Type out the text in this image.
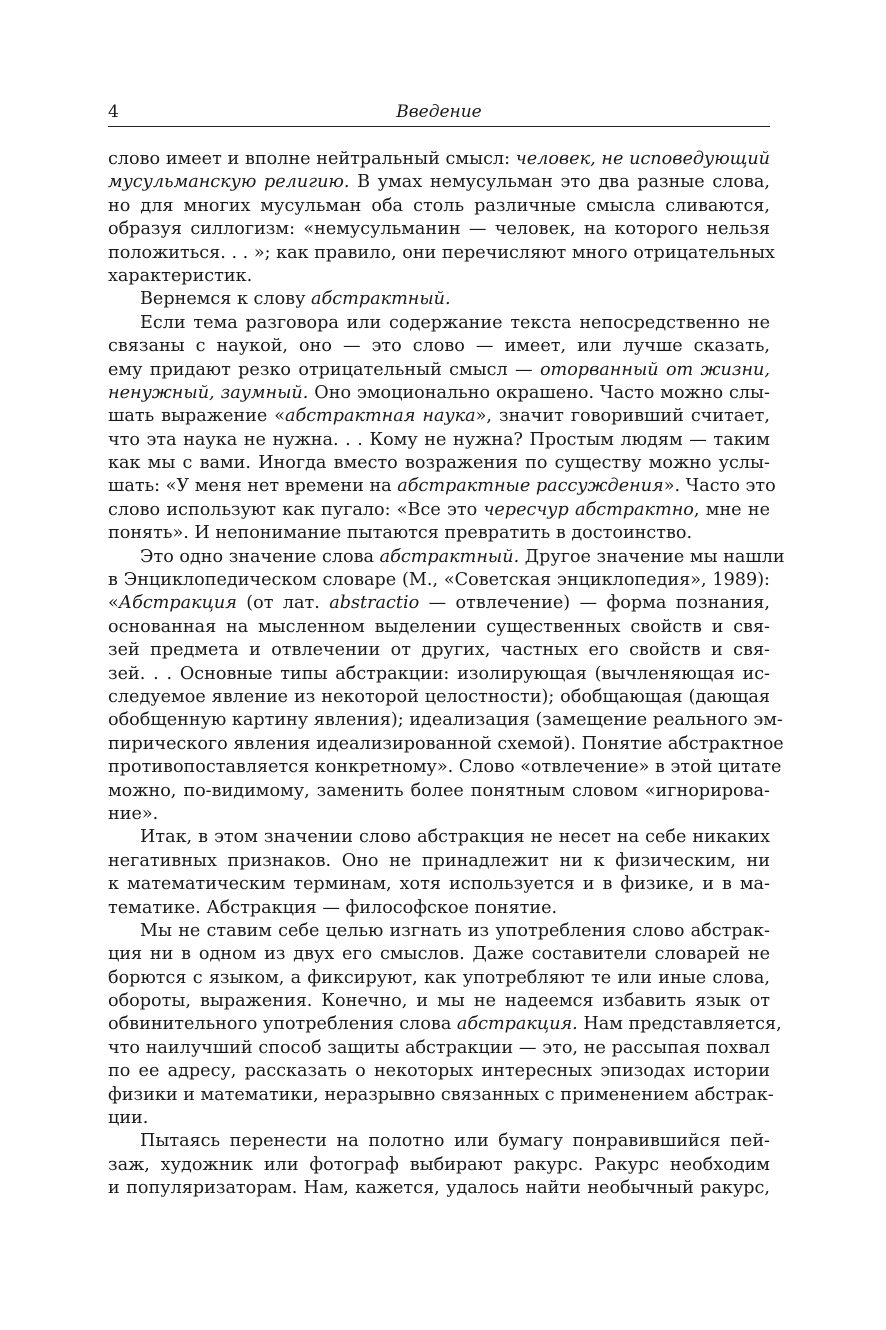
4	Введение
слово имеет и вполне нейтральный смысл: человек, не исповедующий
мусульманскую религию. В умах немусульман это два разные слова,
но для многих мусульман оба столь различные смысла сливаются,
образуя силлогизм: «немусульманин — человек, на которого нельзя
положиться. . . »; как правило, они перечисляют много отрицательных
характеристик.
Вернемся к слову абстрактный.
Если тема разговора или содержание текста непосредственно не
связаны с наукой, оно — это слово — имеет, или лучше сказать,
ему придают резко отрицательный смысл — оторванный от жизни,
ненужный, заумный. Оно эмоционально окрашено. Часто можно слы-
шать выражение «абстрактная наука», значит говоривший считает,
что эта наука не нужна. . . Кому не нужна? Простым людям — таким
как мы с вами. Иногда вместо возражения по существу можно услы-
шать: «У меня нет времени на абстрактные рассуждения». Часто это
слово используют как пугало: «Все это чересчур абстрактно, мне не
понять». И непонимание пытаются превратить в достоинство.
Это одно значение слова абстрактный. Другое значение мы нашли
в Энциклопедическом словаре (М., «Советская энциклопедия», 1989):
«Абстракция (от лат. abstractio — отвлечение) — форма познания,
основанная на мысленном выделении существенных свойств и свя-
зей предмета и отвлечении от других, частных его свойств и свя-
зей. . . Основные типы абстракции: изолирующая (вычленяющая ис-
следуемое явление из некоторой целостности); обобщающая (дающая
обобщенную картину явления); идеализация (замещение реального эм-
пирического явления идеализированной схемой). Понятие абстрактное
противопоставляется конкретному». Слово «отвлечение» в этой цитате
можно, по-видимому, заменить более понятным словом «игнорирова-
ние».
Итак, в этом значении слово абстракция не несет на себе никаких
негативных признаков. Оно не принадлежит ни к физическим, ни
к математическим терминам, хотя используется и в физике, и в ма-
тематике. Абстракция — философское понятие.
Мы не ставим себе целью изгнать из употребления слово абстрак-
ция ни в одном из двух его смыслов. Даже составители словарей не
борются с языком, а фиксируют, как употребляют те или иные слова,
обороты, выражения. Конечно, и мы не надеемся избавить язык от
обвинительного употребления слова абстракция. Нам представляется,
что наилучший способ защиты абстракции — это, не рассыпая похвал
по ее адресу, рассказать о некоторых интересных эпизодах истории
физики и математики, неразрывно связанных с применением абстрак-
ции.
Пытаясь перенести на полотно или бумагу понравившийся пей-
заж, художник или фотограф выбирают ракурс. Ракурс необходим
и популяризаторам. Нам, кажется, удалось найти необычный ракурс,
